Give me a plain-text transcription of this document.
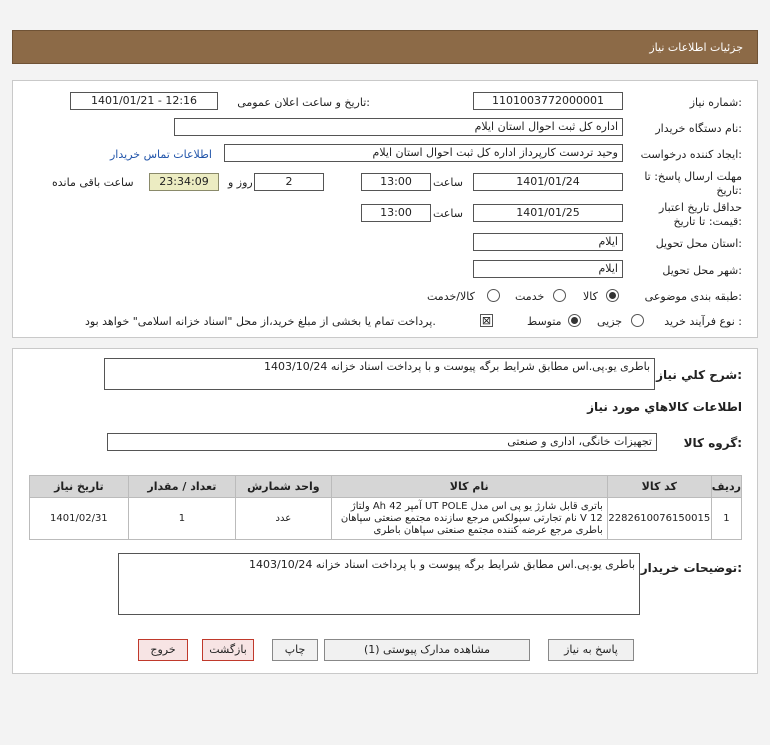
جزئیات اطلاعات نیاز
شماره نیاز:
1101003772000001
تاریخ و ساعت اعلان عمومی:
1401/01/21 - 12:16
نام دستگاه خریدار:
اداره کل ثبت احوال استان ایلام
ایجاد کننده درخواست:
وحید تردست کارپرداز اداره کل ثبت احوال استان ایلام
اطلاعات تماس خریدار
مهلت ارسال پاسخ: تا
تاریخ:
1401/01/24
ساعت
13:00
2
روز و
23:34:09
ساعت باقی مانده
حداقل تاریخ اعتبار
قیمت: تا تاریخ:
1401/01/25
ساعت
13:00
استان محل تحویل:
ایلام
شهر محل تحویل:
ایلام
طبقه بندی موضوعی:
کالا
خدمت
کالا/خدمت
نوع فرآیند خرید :
جزیی
متوسط
⊠
پرداخت تمام یا بخشی از مبلغ خرید،از محل "اسناد خزانه اسلامی" خواهد بود.
شرح کلي نياز:
باطری یو.پی.اس مطابق شرایط برگه پیوست و با پرداخت اسناد خزانه 1403/10/24
اطلاعات کالاهاي مورد نياز
گروه کالا:
تجهیزات خانگی، اداری و صنعتی
ردیف	کد کالا	نام کالا	واحد شمارش	تعداد / مقدار	تاریخ نیاز
1	2282610076150015	باتری قابل شارژ یو پی اس مدل UT POLE آمپر 42 Ah ولتاژ 12 V نام تجارتی سپولکس مرجع سازنده مجتمع صنعتی سپاهان باطری مرجع عرضه کننده مجتمع صنعتی سپاهان باطری	عدد	1	1401/02/31
توضیحات خریدار:
باطری یو.پی.اس مطابق شرایط برگه پیوست و با پرداخت اسناد خزانه 1403/10/24
پاسخ به نیاز
مشاهده مدارک پیوستی (1)
چاپ
بازگشت
خروج
